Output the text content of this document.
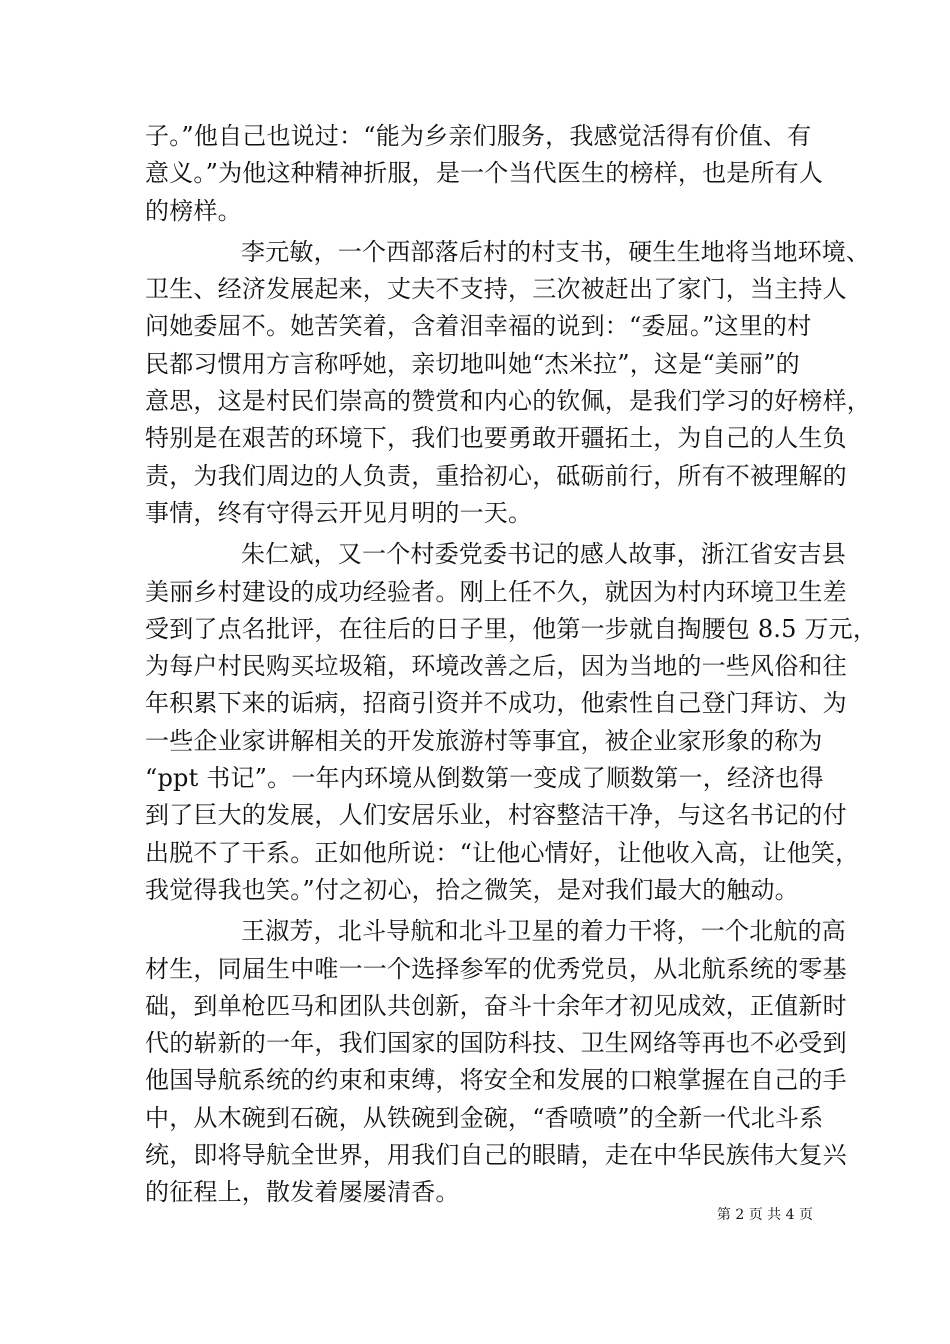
子。”他自己也说过：“能为乡亲们服务，我感觉活得有价值、有
意义。”为他这种精神折服，是一个当代医生的榜样，也是所有人
的榜样。
李元敏，一个西部落后村的村支书，硬生生地将当地环境、
卫生、经济发展起来，丈夫不支持，三次被赶出了家门，当主持人
问她委屈不。她苦笑着，含着泪幸福的说到：“委屈。”这里的村
民都习惯用方言称呼她，亲切地叫她“杰米拉”，这是“美丽”的
意思，这是村民们崇高的赞赏和内心的钦佩，是我们学习的好榜样，
特别是在艰苦的环境下，我们也要勇敢开疆拓土，为自己的人生负
责，为我们周边的人负责，重拾初心，砥砺前行，所有不被理解的
事情，终有守得云开见月明的一天。
朱仁斌，又一个村委党委书记的感人故事，浙江省安吉县
美丽乡村建设的成功经验者。刚上任不久，就因为村内环境卫生差
受到了点名批评，在往后的日子里，他第一步就自掏腰包 8.5 万元，
为每户村民购买垃圾箱，环境改善之后，因为当地的一些风俗和往
年积累下来的诟病，招商引资并不成功，他索性自己登门拜访、为
一些企业家讲解相关的开发旅游村等事宜，被企业家形象的称为
“ppt 书记”。一年内环境从倒数第一变成了顺数第一，经济也得
到了巨大的发展，人们安居乐业，村容整洁干净，与这名书记的付
出脱不了干系。正如他所说：“让他心情好，让他收入高，让他笑，
我觉得我也笑。”付之初心，拾之微笑，是对我们最大的触动。
王淑芳，北斗导航和北斗卫星的着力干将，一个北航的高
材生，同届生中唯一一个选择参军的优秀党员，从北航系统的零基
础，到单枪匹马和团队共创新，奋斗十余年才初见成效，正值新时
代的崭新的一年，我们国家的国防科技、卫生网络等再也不必受到
他国导航系统的约束和束缚，将安全和发展的口粮掌握在自己的手
中，从木碗到石碗，从铁碗到金碗，“香喷喷”的全新一代北斗系
统，即将导航全世界，用我们自己的眼睛，走在中华民族伟大复兴
的征程上，散发着屡屡清香。
第 2 页 共 4 页
